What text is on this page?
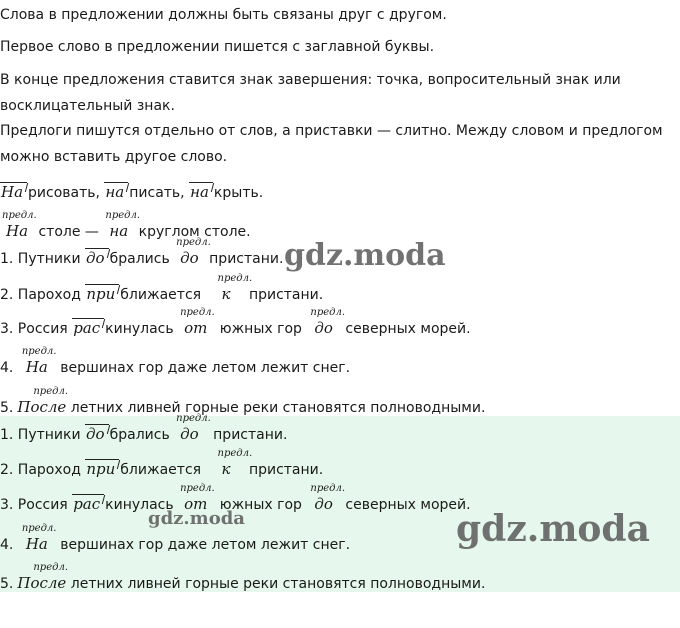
Слова в предложении должны быть связаны друг с другом.
Первое слово в предложении пишется с заглавной буквы.
В конце предложения ставится знак завершения: точка, вопросительный знак или
восклицательный знак.
Предлоги пишутся отдельно от слов, а приставки — слитно. Между словом и предлогом
можно вставить другое слово.
На рисовать, на писать, на крыть.
предл.
На столе —
предл.
на круглом столе.
1. Путники до брались
предл.
до пристани.
2. Пароход при ближается
предл.
к пристани.
3. Россия рас кинулась
предл.
от южных гор
предл.
до северных морей.
4.
предл.
На вершинах гор даже летом лежит снег.
5.
предл.
После летних ливней горные реки становятся полноводными.
1. Путники до брались
предл.
до пристани.
2. Пароход при ближается
предл.
к пристани.
3. Россия рас кинулась
предл.
от южных гор
предл.
до северных морей.
4.
предл.
На вершинах гор даже летом лежит снег.
5.
предл.
После летних ливней горные реки становятся полноводными.
gdz.moda
gdz.moda	gdz.moda
